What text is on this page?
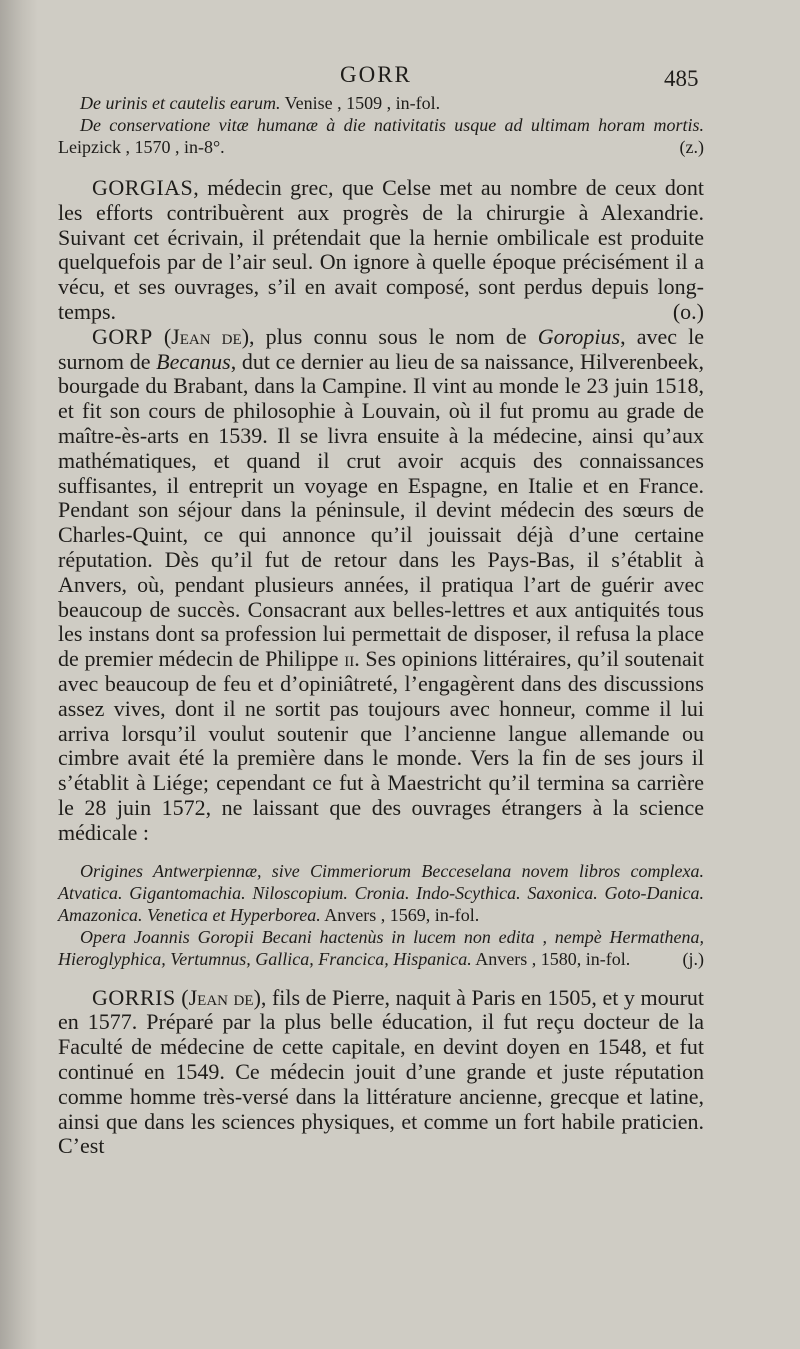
GORR	485

De urinis et cautelis earum. Venise , 1509 , in-fol.

De conservatione vitæ humanæ à die nativitatis usque ad ultimam horam mortis. Leipzick , 1570 , in-8°.	(z.)

GORGIAS, médecin grec, que Celse met au nombre de ceux dont les efforts contribuèrent aux progrès de la chirurgie à Alexandrie. Suivant cet écrivain, il prétendait que la hernie ombilicale est produite quelquefois par de l’air seul. On ignore à quelle époque précisément il a vécu, et ses ouvrages, s’il en avait composé, sont perdus depuis long-temps.	(o.)

GORP (Jean de), plus connu sous le nom de Goropius, avec le surnom de Becanus, dut ce dernier au lieu de sa naissance, Hilverenbeek, bourgade du Brabant, dans la Campine. Il vint au monde le 23 juin 1518, et fit son cours de philosophie à Louvain, où il fut promu au grade de maître-ès-arts en 1539. Il se livra ensuite à la médecine, ainsi qu’aux mathématiques, et quand il crut avoir acquis des connaissances suffisantes, il entreprit un voyage en Espagne, en Italie et en France. Pendant son séjour dans la péninsule, il devint médecin des sœurs de Charles-Quint, ce qui annonce qu’il jouissait déjà d’une certaine réputation. Dès qu’il fut de retour dans les Pays-Bas, il s’établit à Anvers, où, pendant plusieurs années, il pratiqua l’art de guérir avec beaucoup de succès. Consacrant aux belles-lettres et aux antiquités tous les instans dont sa profession lui permettait de disposer, il refusa la place de premier médecin de Philippe ii. Ses opinions littéraires, qu’il soutenait avec beaucoup de feu et d’opiniâtreté, l’engagèrent dans des discussions assez vives, dont il ne sortit pas toujours avec honneur, comme il lui arriva lorsqu’il voulut soutenir que l’ancienne langue allemande ou cimbre avait été la première dans le monde. Vers la fin de ses jours il s’établit à Liége; cependant ce fut à Maestricht qu’il termina sa carrière le 28 juin 1572, ne laissant que des ouvrages étrangers à la science médicale :

Origines Antwerpiennæ, sive Cimmeriorum Becceselana novem libros complexa. Atvatica. Gigantomachia. Niloscopium. Cronia. Indo-Scythica. Saxonica. Goto-Danica. Amazonica. Venetica et Hyperborea. Anvers , 1569, in-fol.

Opera Joannis Goropii Becani hactenùs in lucem non edita , nempè Hermathena, Hieroglyphica, Vertumnus, Gallica, Francica, Hispanica. Anvers , 1580, in-fol.	(j.)

GORRIS (Jean de), fils de Pierre, naquit à Paris en 1505, et y mourut en 1577. Préparé par la plus belle éducation, il fut reçu docteur de la Faculté de médecine de cette capitale, en devint doyen en 1548, et fut continué en 1549. Ce médecin jouit d’une grande et juste réputation comme homme très-versé dans la littérature ancienne, grecque et latine, ainsi que dans les sciences physiques, et comme un fort habile praticien. C’est
